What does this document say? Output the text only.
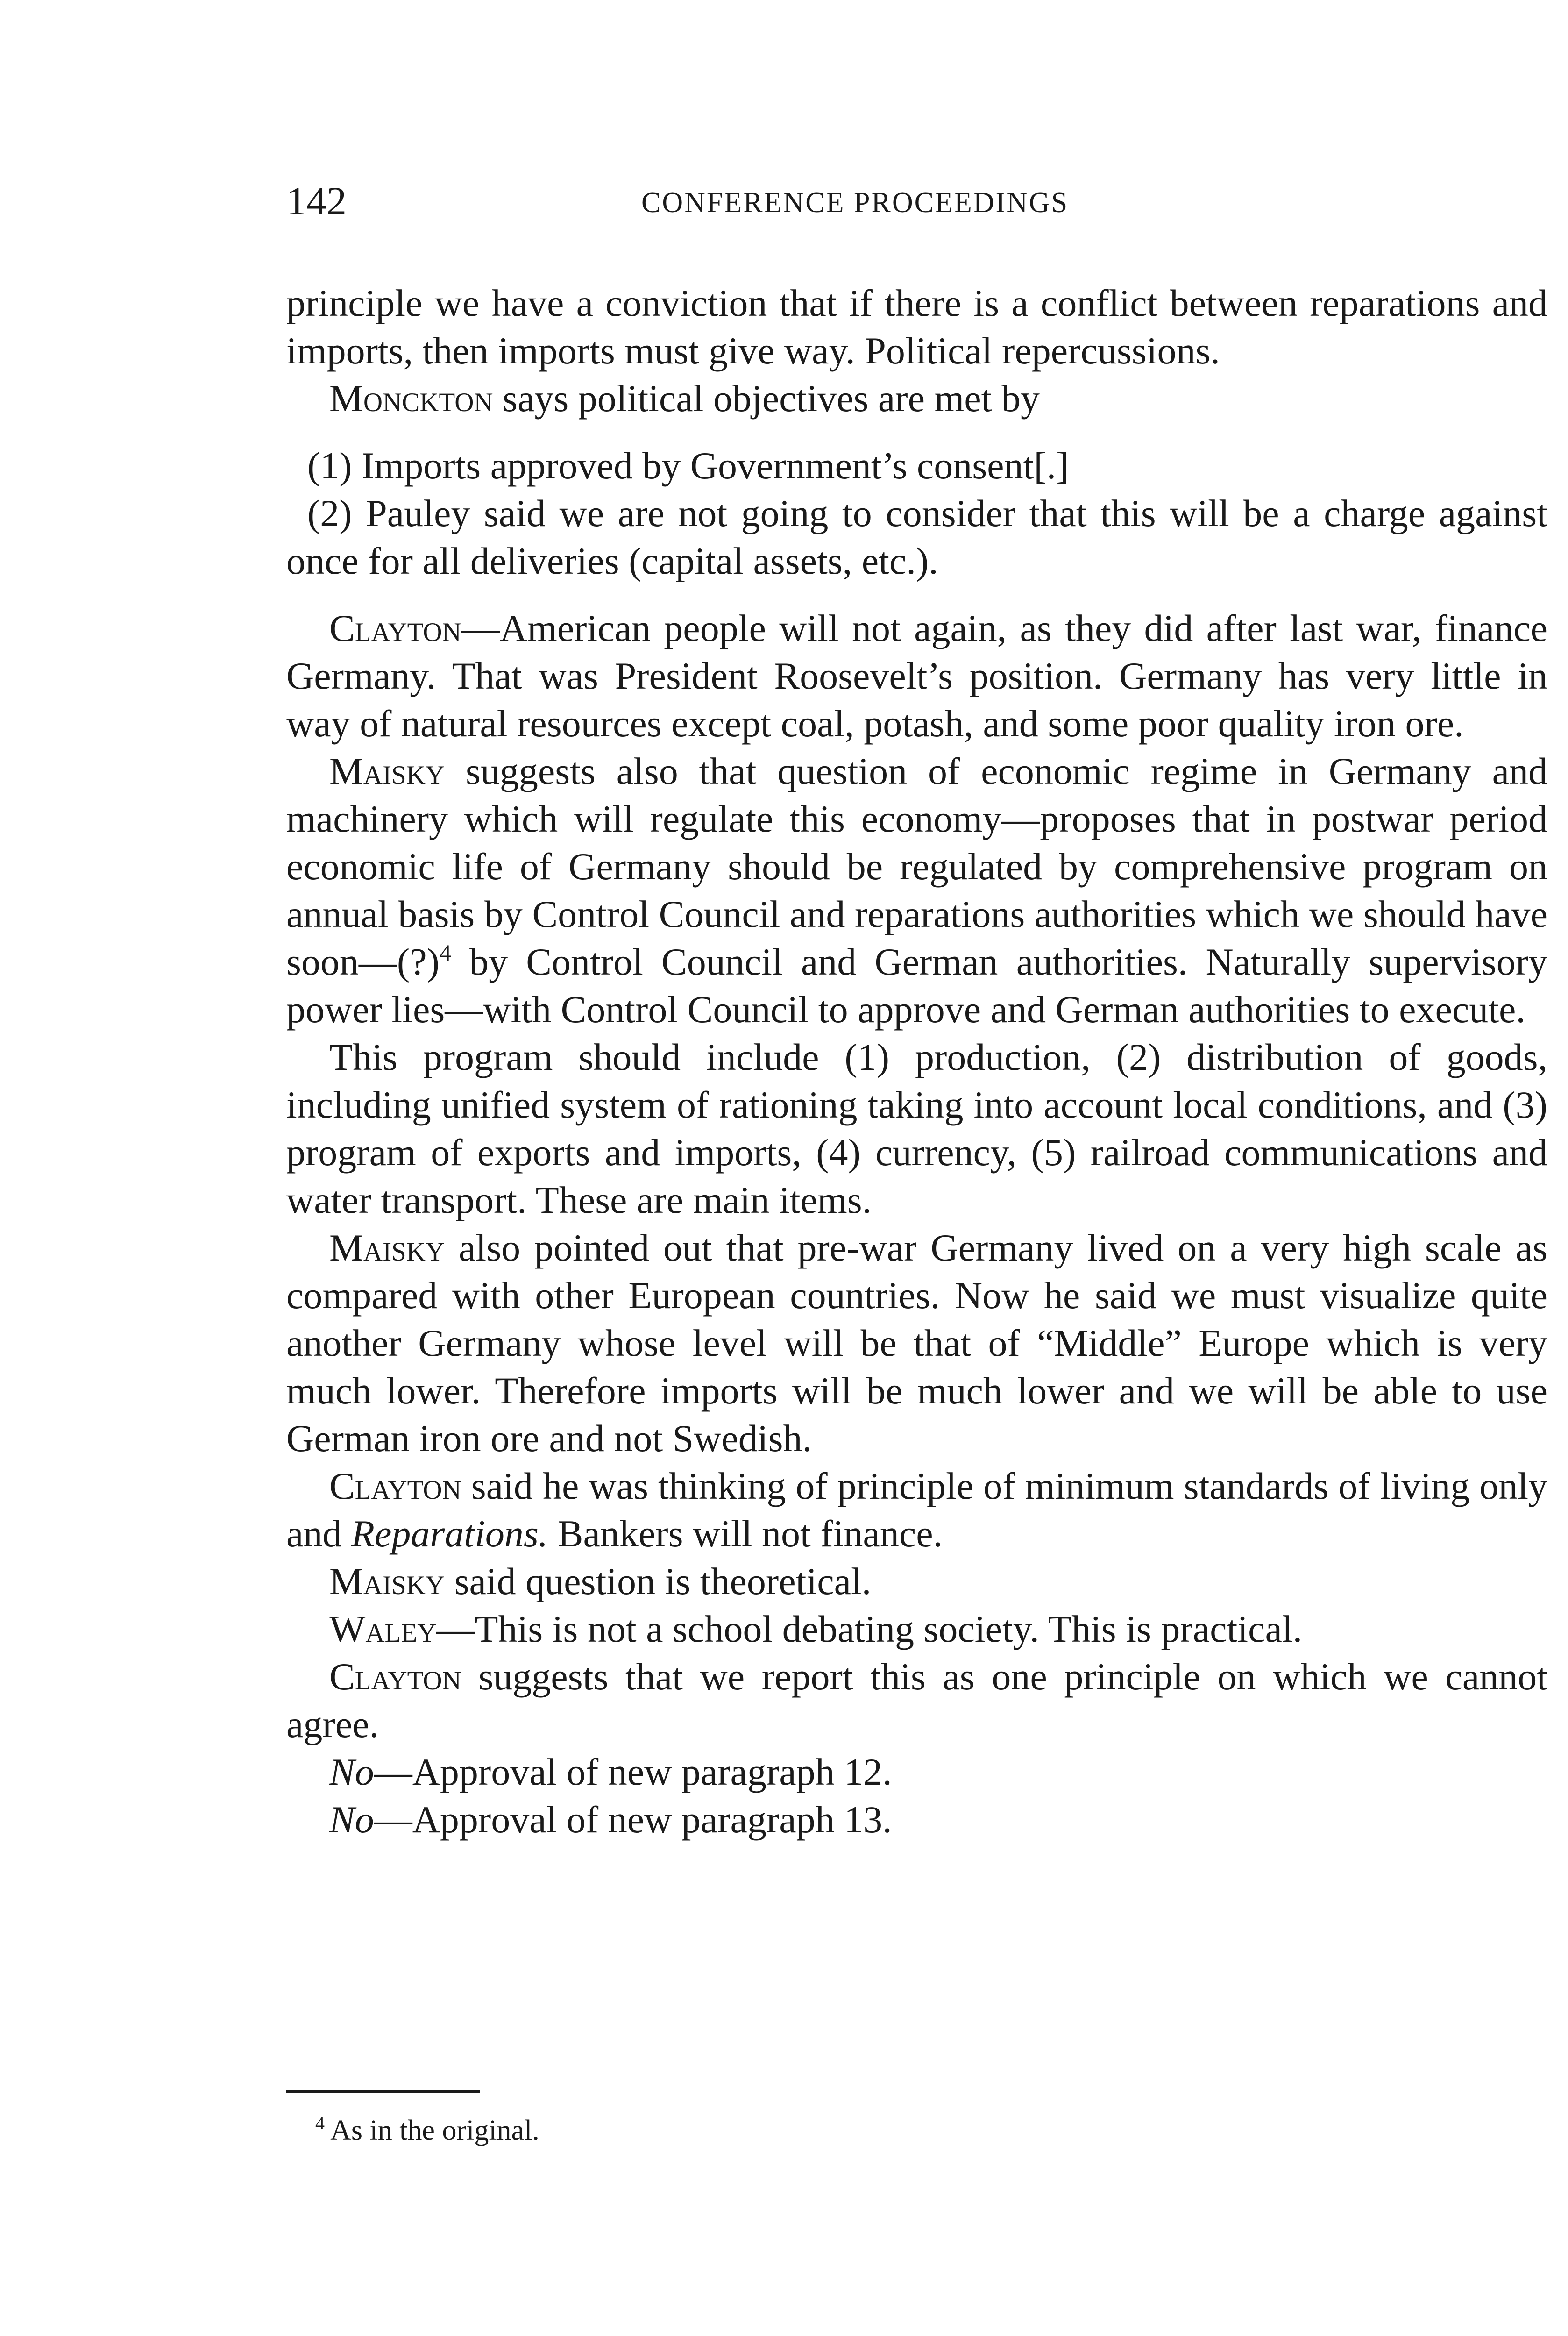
142	CONFERENCE PROCEEDINGS

principle we have a conviction that if there is a conflict between reparations and imports, then imports must give way. Political repercussions.

Monckton says political objectives are met by

(1) Imports approved by Government’s consent[.]

(2) Pauley said we are not going to consider that this will be a charge against once for all deliveries (capital assets, etc.).

Clayton—American people will not again, as they did after last war, finance Germany. That was President Roosevelt’s position. Germany has very little in way of natural resources except coal, potash, and some poor quality iron ore.

Maisky suggests also that question of economic regime in Germany and machinery which will regulate this economy—proposes that in postwar period economic life of Germany should be regulated by comprehensive program on annual basis by Control Council and reparations authorities which we should have soon—(?)$^4$ by Control Council and German authorities. Naturally supervisory power lies—with Control Council to approve and German authorities to execute.

This program should include (1) production, (2) distribution of goods, including unified system of rationing taking into account local conditions, and (3) program of exports and imports, (4) currency, (5) railroad communications and water transport. These are main items.

Maisky also pointed out that pre-war Germany lived on a very high scale as compared with other European countries. Now he said we must visualize quite another Germany whose level will be that of “Middle” Europe which is very much lower. Therefore imports will be much lower and we will be able to use German iron ore and not Swedish.

Clayton said he was thinking of principle of minimum standards of living only and Reparations. Bankers will not finance.

Maisky said question is theoretical.

Waley—This is not a school debating society. This is practical.

Clayton suggests that we report this as one principle on which we cannot agree.

No—Approval of new paragraph 12.

No—Approval of new paragraph 13.

$^4$ As in the original.
